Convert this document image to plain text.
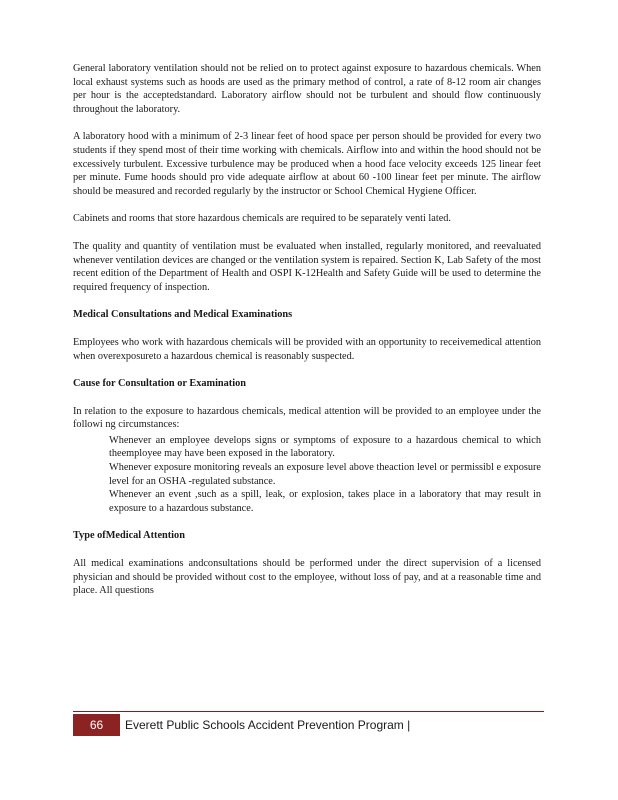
General laboratory ventilation should not be relied on to protect against exposure to hazardous chemicals. When local exhaust systems such as hoods are used as the primary method of control, a rate of 8-12 room air changes per hour is the acceptedstandard. Laboratory airflow should not be turbulent and should flow continuously throughout the laboratory.

A laboratory hood with a minimum of 2-3 linear feet of hood space per person should be provided for every two students if they spend most of their time working with chemicals. Airflow into and within the hood should not be excessively turbulent. Excessive turbulence may be produced when a hood face velocity exceeds 125 linear feet per minute. Fume hoods should pro vide adequate airflow at about 60 -100 linear feet per minute. The airflow should be measured and recorded regularly by the instructor or School Chemical Hygiene Officer.

Cabinets and rooms that store hazardous chemicals are required to be separately venti lated.

The quality and quantity of ventilation must be evaluated when installed, regularly monitored, and reevaluated whenever ventilation devices are changed or the ventilation system is repaired. Section K, Lab Safety of the most recent edition of the Department of Health and OSPI K-12Health and Safety Guide will be used to determine the required frequency of inspection.

Medical Consultations and Medical Examinations

Employees who work with hazardous chemicals will be provided with an opportunity to receivemedical attention when overexposureto a hazardous chemical is reasonably suspected.

Cause for Consultation or Examination

In relation to the exposure to hazardous chemicals, medical attention will be provided to an employee under the followi ng circumstances:

Whenever an employee develops signs or symptoms of exposure to a hazardous chemical to which theemployee may have been exposed in the laboratory.
Whenever exposure monitoring reveals an exposure level above theaction level or permissibl e exposure level for an OSHA -regulated substance.
Whenever an event ,such as a spill, leak, or explosion, takes place in a laboratory that may result in exposure to a hazardous substance.
Type ofMedical Attention

All medical examinations andconsultations should be performed under the direct supervision of a licensed physician and should be provided without cost to the employee, without loss of pay, and at a reasonable time and place. All questions

66	Everett Public Schools Accident Prevention Program |
